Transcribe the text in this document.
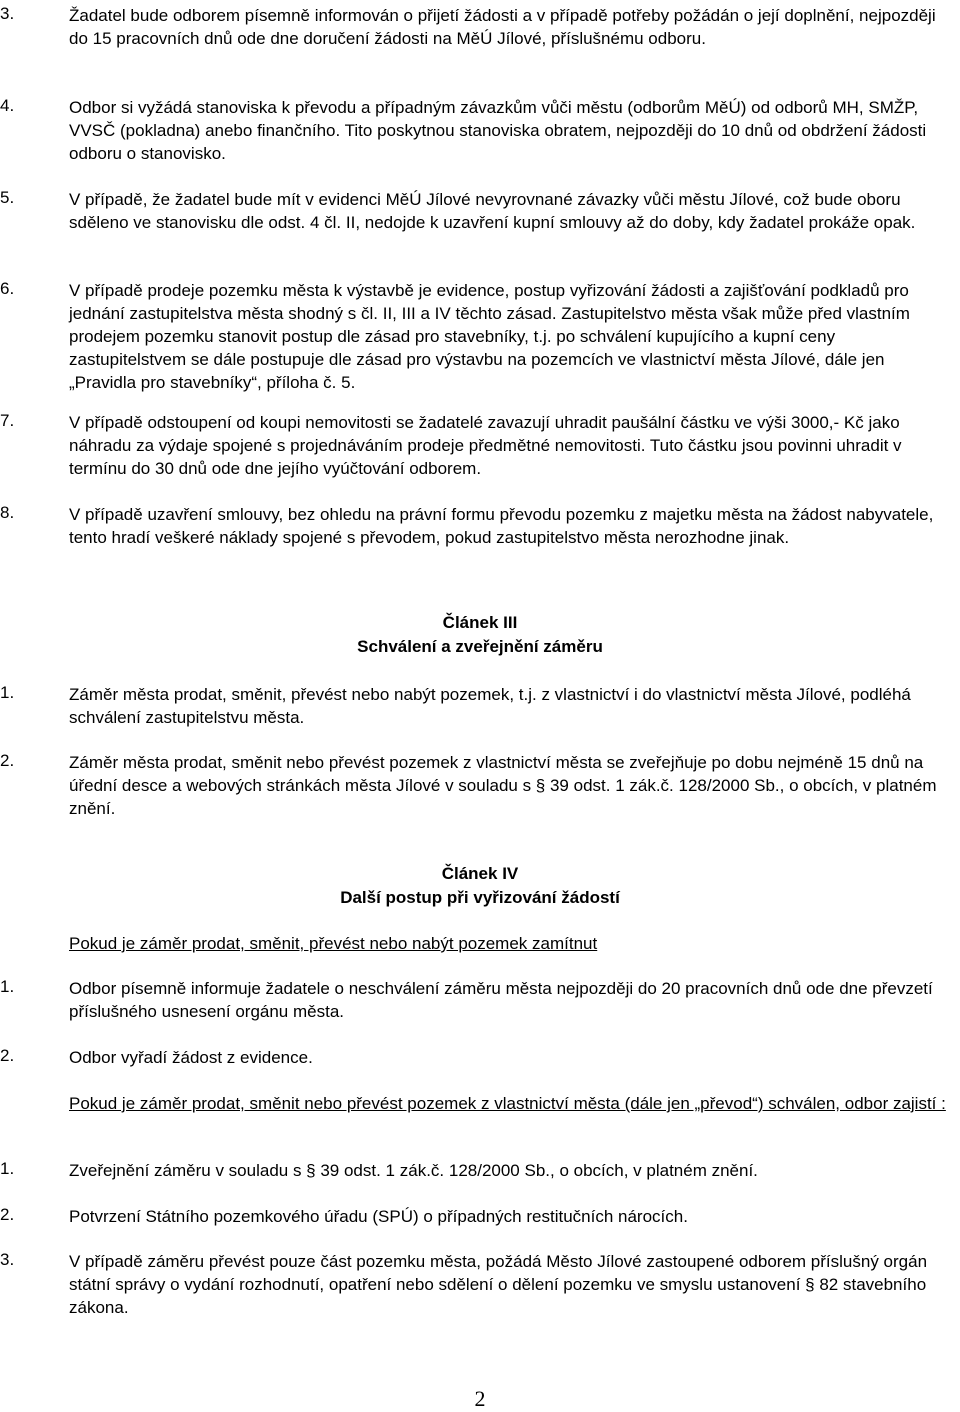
3.	Žadatel bude odborem písemně informován o přijetí žádosti a v případě potřeby požádán o její doplnění, nejpozději do 15 pracovních dnů ode dne doručení žádosti na MěÚ Jílové, příslušnému odboru.
4.	Odbor si vyžádá stanoviska k převodu a případným závazkům vůči městu (odborům MěÚ) od odborů MH, SMŽP, VVSČ (pokladna) anebo finančního. Tito poskytnou stanoviska obratem, nejpozději do 10 dnů od obdržení žádosti odboru o stanovisko.
5.	V případě, že žadatel bude mít v evidenci MěÚ Jílové nevyrovnané závazky vůči městu Jílové, což bude oboru sděleno ve stanovisku dle odst. 4 čl. II, nedojde k uzavření kupní smlouvy až do doby, kdy žadatel prokáže opak.
6.	V případě prodeje pozemku města k výstavbě je evidence, postup vyřizování žádosti a zajišťování podkladů pro jednání zastupitelstva města shodný s čl. II, III a IV těchto zásad. Zastupitelstvo města však může před vlastním prodejem pozemku stanovit postup dle zásad pro stavebníky, t.j. po schválení kupujícího a kupní ceny zastupitelstvem se dále postupuje dle zásad pro výstavbu na pozemcích ve vlastnictví města Jílové, dále jen „Pravidla pro stavebníky“, příloha č. 5.
7.	V případě odstoupení od koupi nemovitosti se žadatelé zavazují uhradit paušální částku ve výši 3000,- Kč jako náhradu za výdaje spojené s projednáváním prodeje předmětné nemovitosti. Tuto částku jsou povinni uhradit v termínu do 30 dnů ode dne jejího vyúčtování odborem.
8.	V případě uzavření smlouvy, bez ohledu na právní formu převodu pozemku z majetku města na žádost nabyvatele, tento hradí veškeré náklady spojené s převodem, pokud zastupitelstvo města nerozhodne jinak.
Článek III
Schválení a zveřejnění záměru
1.	Záměr města prodat, směnit, převést nebo nabýt pozemek, t.j. z vlastnictví i do vlastnictví města Jílové, podléhá schválení zastupitelstvu města.
2.	Záměr města prodat, směnit nebo převést pozemek z vlastnictví města se zveřejňuje po dobu nejméně 15 dnů na úřední desce a webových stránkách města Jílové v souladu s § 39 odst. 1 zák.č. 128/2000 Sb., o obcích, v platném znění.
Článek IV
Další postup při vyřizování žádostí
Pokud je záměr prodat, směnit, převést nebo nabýt pozemek zamítnut
1.	Odbor písemně informuje žadatele o neschválení záměru města nejpozději do 20 pracovních dnů ode dne převzetí příslušného usnesení orgánu města.
2.	Odbor vyřadí žádost z evidence.
Pokud je záměr prodat, směnit nebo převést pozemek z vlastnictví města (dále jen „převod“) schválen, odbor zajistí :
1.	Zveřejnění záměru v souladu s § 39 odst. 1 zák.č. 128/2000 Sb., o obcích, v platném znění.
2.	Potvrzení Státního pozemkového úřadu (SPÚ) o případných restitučních nárocích.
3.	V případě záměru převést pouze část pozemku města, požádá Město Jílové zastoupené odborem příslušný orgán státní správy o vydání rozhodnutí, opatření nebo sdělení o dělení pozemku ve smyslu ustanovení § 82 stavebního zákona.
2
